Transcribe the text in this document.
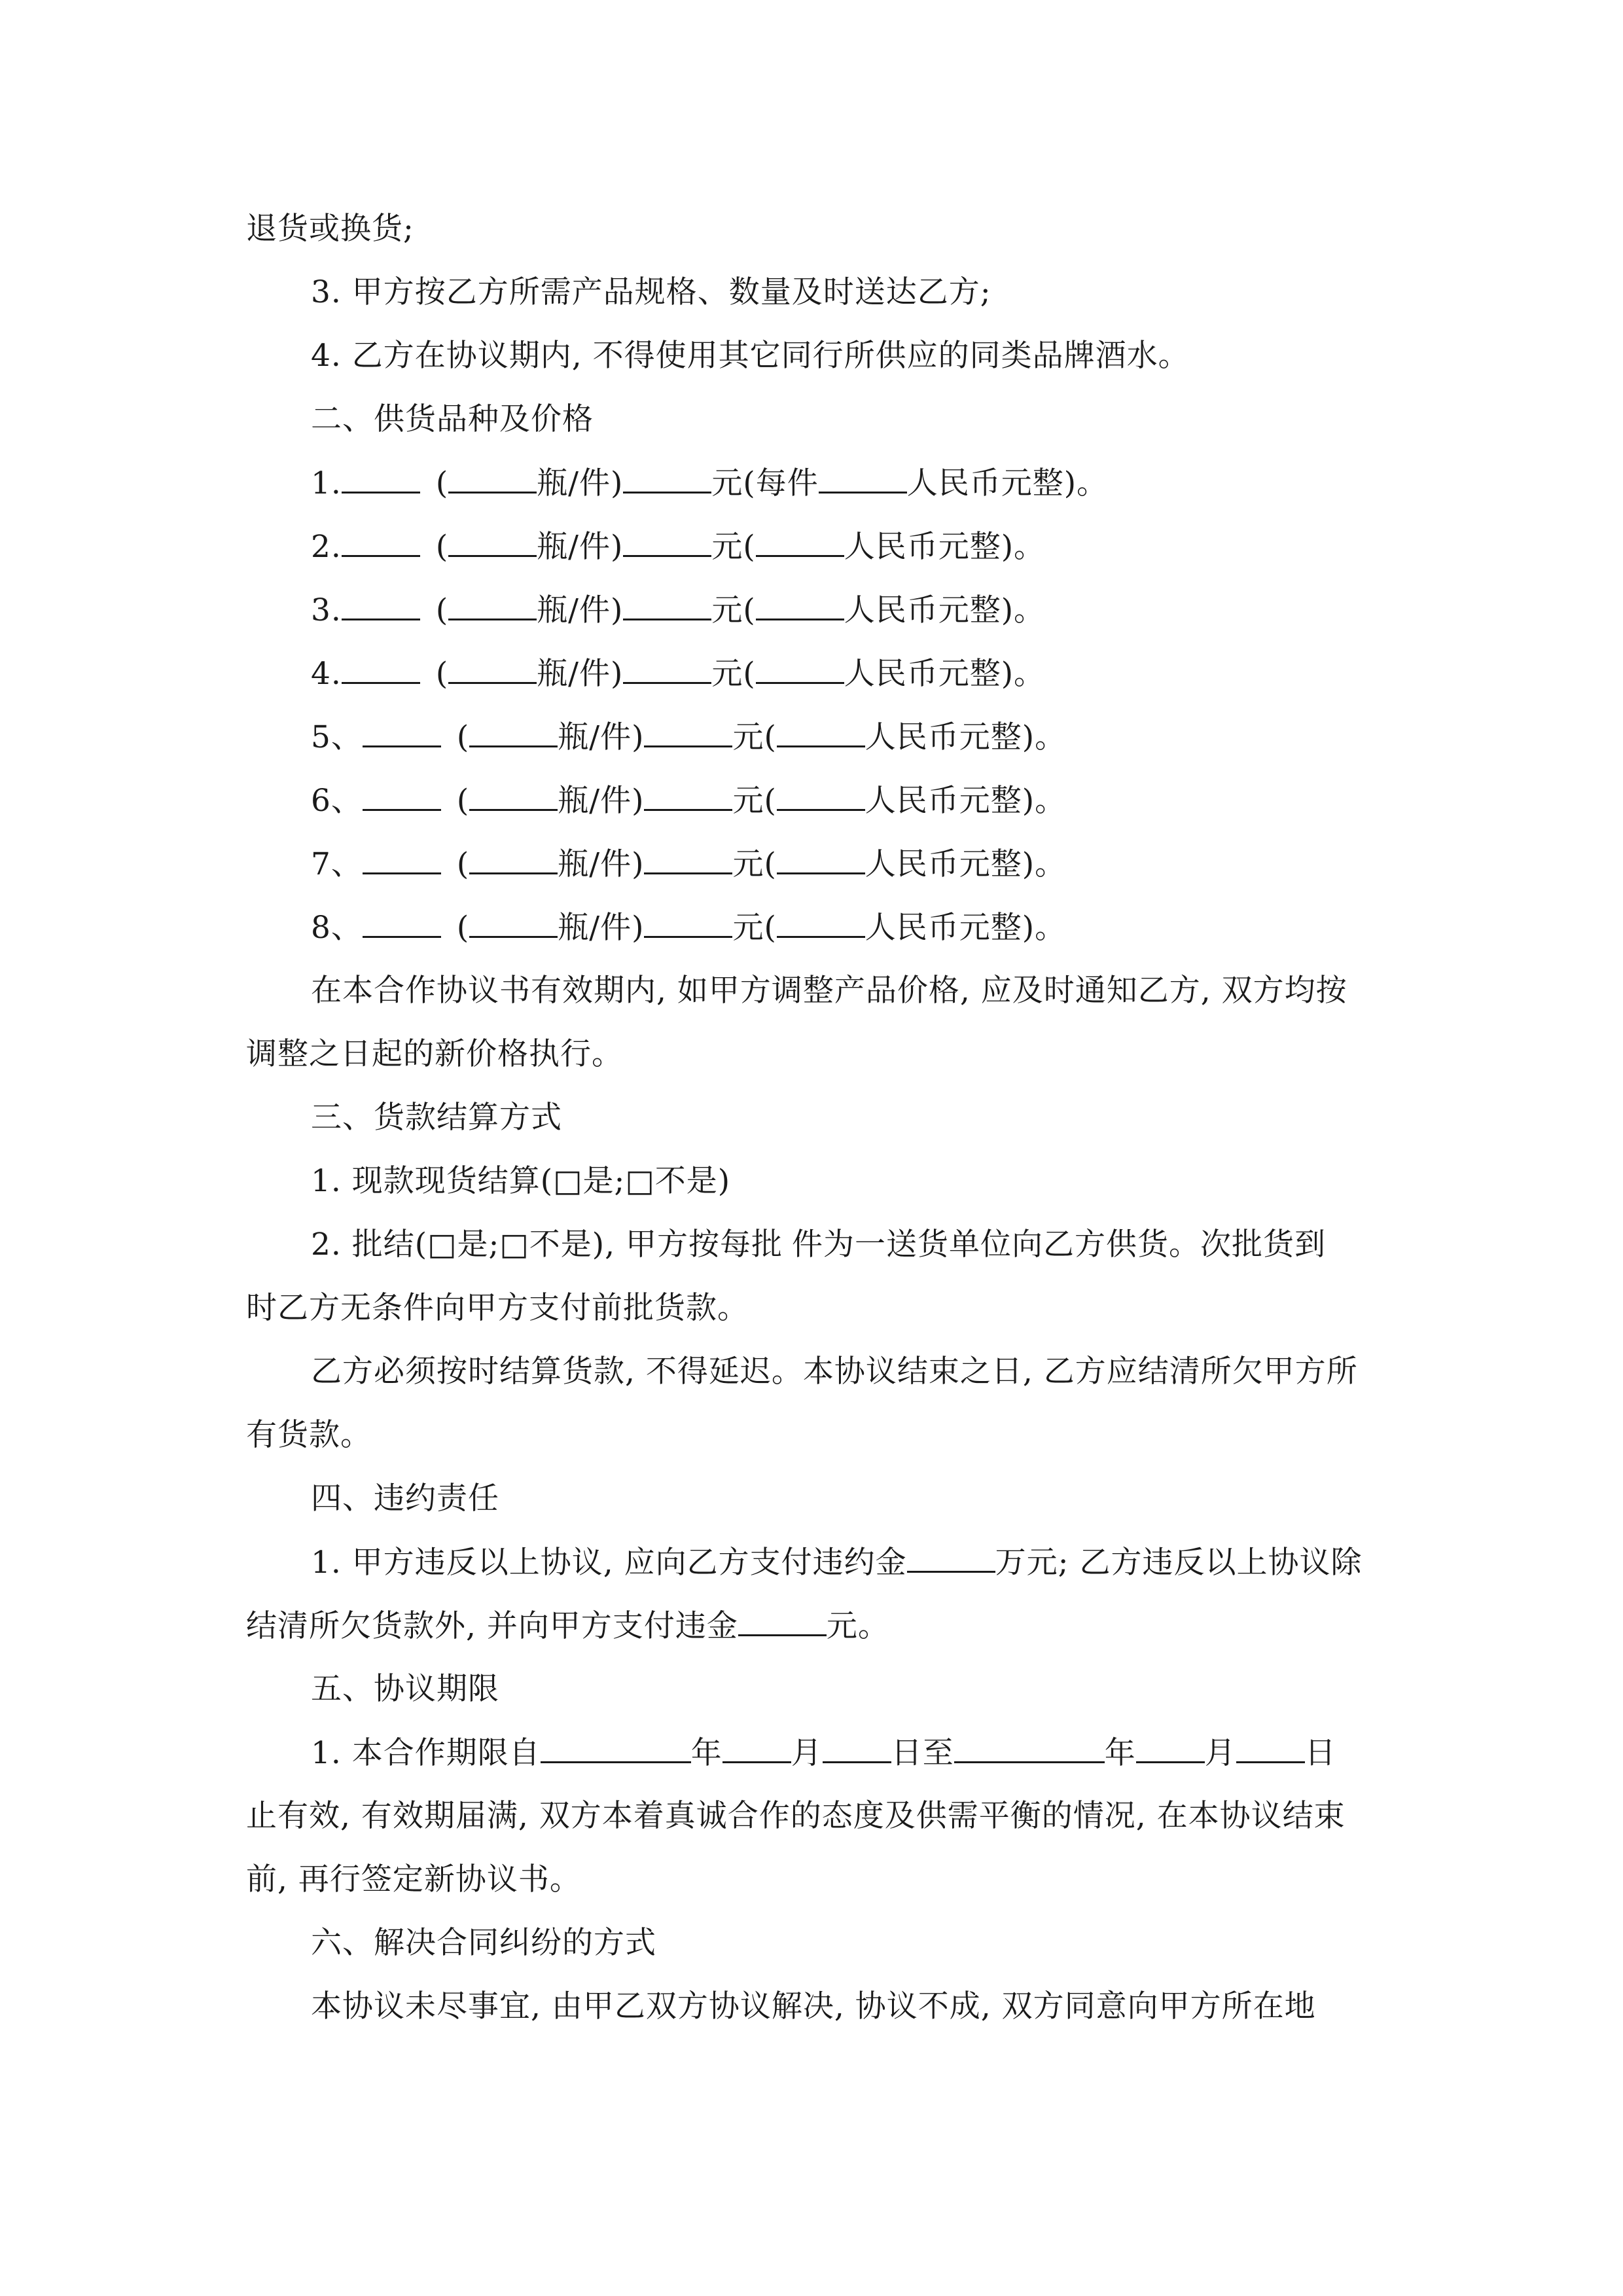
退货或换货;
3. 甲方按乙方所需产品规格、数量及时送达乙方;
4. 乙方在协议期内, 不得使用其它同行所供应的同类品牌酒水。
二、供货品种及价格
1.	(	瓶/件)	元(每件	人民币元整)。
2.	(	瓶/件)	元(	人民币元整)。
3.	(	瓶/件)	元(	人民币元整)。
4.	(	瓶/件)	元(	人民币元整)。
5、	(	瓶/件)	元(	人民币元整)。
6、	(	瓶/件)	元(	人民币元整)。
7、	(	瓶/件)	元(	人民币元整)。
8、	(	瓶/件)	元(	人民币元整)。
在本合作协议书有效期内, 如甲方调整产品价格, 应及时通知乙方, 双方均按
调整之日起的新价格执行。
三、货款结算方式
1. 现款现货结算(□是;□不是)
2. 批结(□是;□不是), 甲方按每批 件为一送货单位向乙方供货。次批货到
时乙方无条件向甲方支付前批货款。
乙方必须按时结算货款, 不得延迟。本协议结束之日, 乙方应结清所欠甲方所
有货款。
四、违约责任
1. 甲方违反以上协议, 应向乙方支付违约金	万元; 乙方违反以上协议除
结清所欠货款外, 并向甲方支付违金	元。
五、协议期限
1. 本合作期限自	年 月 日至	年 月 日
止有效, 有效期届满, 双方本着真诚合作的态度及供需平衡的情况, 在本协议结束
前, 再行签定新协议书。
六、解决合同纠纷的方式
本协议未尽事宜, 由甲乙双方协议解决, 协议不成, 双方同意向甲方所在地
